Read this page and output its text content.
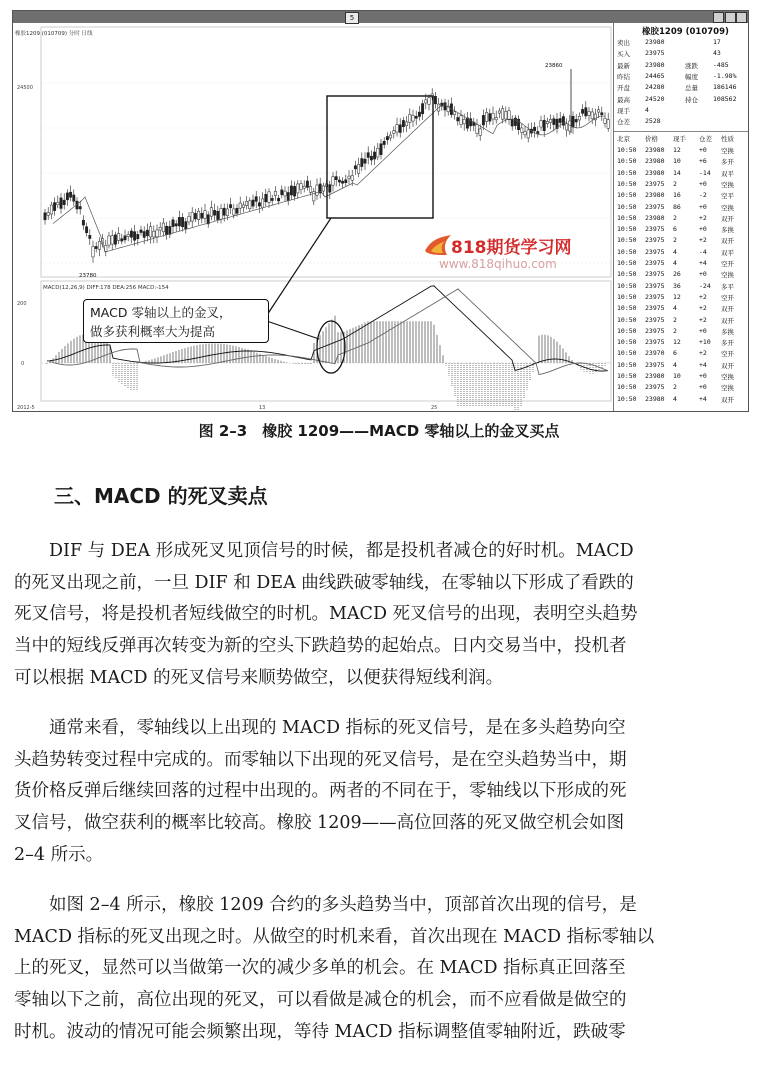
5
橡胶1209 (010709) 分时 日线
MACD(12,26,9) DIFF:178 DEA:256 MACD:-154
24500
23860
23780
200
0
2012-5	13	25
MACD 零轴以上的金叉，
做多获利概率大为提高
818期货学习网
www.818qihuo.com
橡胶1209 (010709)
卖出 23980	17
买入 23975	43
最新 23980	涨跌 -485
昨结 24465	幅度 -1.98%
开盘 24280	总量 186146
最高 24520	持仓 108562
现手 4
仓差 2528
北京 价格 现手 仓差 性质
10:50 23980 12	+0 空换
10:50 23980 10	+6 多开
10:50 23980 14	-14 双平
10:50 23975 2	+0 空换
10:50 23980 16	-2 空平
10:50 23975 86	+0 空换
10:50 23980 2	+2 双开
10:50 23975 6	+0 多换
10:50 23975 2	+2 双开
10:50 23975 4	-4 双平
10:50 23975 4	+4 空开
10:50 23975 26	+0 空换
10:50 23975 36	-24 多平
10:50 23975 12	+2 空开
10:50 23975 4	+2 双开
10:50 23975 2	+2 双开
10:50 23975 2	+0 多换
10:50 23975 12	+10 多开
10:50 23970 6	+2 空开
10:50 23975 4	+4 双开
10:50 23980 10	+0 空换
10:50 23975 2	+0 空换
10:50 23980 4	+4 双开
图 2–3　橡胶 1209——MACD 零轴以上的金叉买点
三、MACD 的死叉卖点
　　DIF 与 DEA 形成死叉见顶信号的时候，都是投机者减仓的好时机。MACD
的死叉出现之前，一旦 DIF 和 DEA 曲线跌破零轴线，在零轴以下形成了看跌的
死叉信号，将是投机者短线做空的时机。MACD 死叉信号的出现，表明空头趋势
当中的短线反弹再次转变为新的空头下跌趋势的起始点。日内交易当中，投机者
可以根据 MACD 的死叉信号来顺势做空，以便获得短线利润。
　　通常来看，零轴线以上出现的 MACD 指标的死叉信号，是在多头趋势向空
头趋势转变过程中完成的。而零轴以下出现的死叉信号，是在空头趋势当中，期
货价格反弹后继续回落的过程中出现的。两者的不同在于，零轴线以下形成的死
叉信号，做空获利的概率比较高。橡胶 1209——高位回落的死叉做空机会如图
2–4 所示。
　　如图 2–4 所示，橡胶 1209 合约的多头趋势当中，顶部首次出现的信号，是
MACD 指标的死叉出现之时。从做空的时机来看，首次出现在 MACD 指标零轴以
上的死叉，显然可以当做第一次的减少多单的机会。在 MACD 指标真正回落至
零轴以下之前，高位出现的死叉，可以看做是减仓的机会，而不应看做是做空的
时机。波动的情况可能会频繁出现，等待 MACD 指标调整值零轴附近，跌破零
